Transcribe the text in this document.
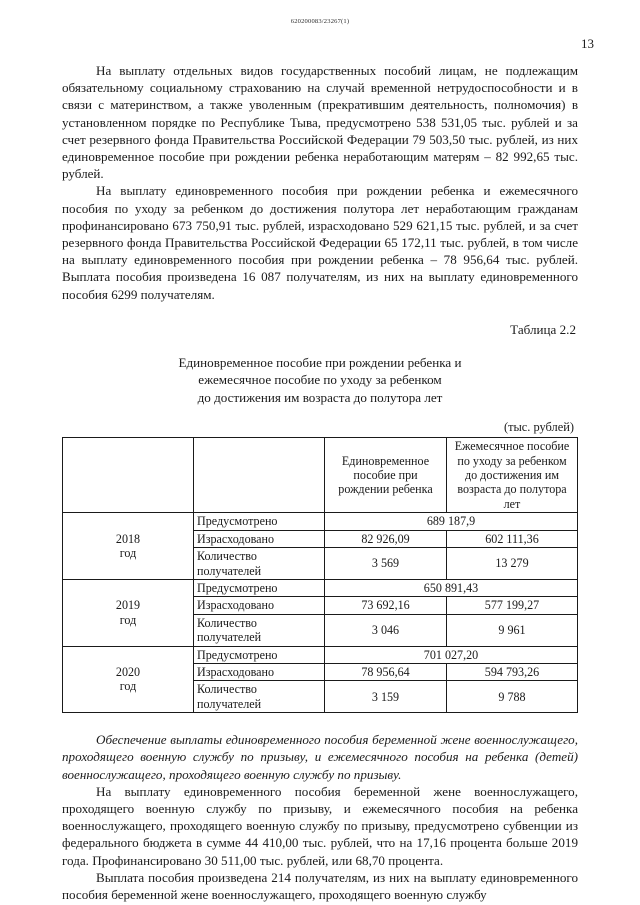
620200083/23267(1)
13

На выплату отдельных видов государственных пособий лицам, не подлежащим обязательному социальному страхованию на случай временной нетрудоспособности и в связи с материнством, а также уволенным (прекратившим деятельность, полномочия) в установленном порядке по Республике Тыва, предусмотрено 538 531,05 тыс. рублей и за счет резервного фонда Правительства Российской Федерации 79 503,50 тыс. рублей, из них единовременное пособие при рождении ребенка неработающим матерям – 82 992,65 тыс. рублей.

На выплату единовременного пособия при рождении ребенка и ежемесячного пособия по уходу за ребенком до достижения полутора лет неработающим гражданам профинансировано 673 750,91 тыс. рублей, израсходовано 529 621,15 тыс. рублей, и за счет резервного фонда Правительства Российской Федерации 65 172,11 тыс. рублей, в том числе на выплату единовременного пособия при рождении ребенка – 78 956,64 тыс. рублей. Выплата пособия произведена 16 087 получателям, из них на выплату единовременного пособия 6299 получателям.

Таблица 2.2
Единовременное пособие при рождении ребенка и
ежемесячное пособие по уходу за ребенком
до достижения им возраста до полутора лет
(тыс. рублей)
		Единовременное пособие при рождении ребенка	Ежемесячное пособие по уходу за ребенком до достижения им возраста до полутора лет

2018
год	Предусмотрено	689 187,9	
	Израсходовано	82 926,09	602 111,36
	Количество получателей	3 569	13 279

2019
год	Предусмотрено	650 891,43	
	Израсходовано	73 692,16	577 199,27
	Количество получателей	3 046	9 961

2020
год	Предусмотрено	701 027,20	
	Израсходовано	78 956,64	594 793,26
	Количество получателей	3 159	9 788

Обеспечение выплаты единовременного пособия беременной жене военнослужащего, проходящего военную службу по призыву, и ежемесячного пособия на ребенка (детей) военнослужащего, проходящего военную службу по призыву.

На выплату единовременного пособия беременной жене военнослужащего, проходящего военную службу по призыву, и ежемесячного пособия на ребенка военнослужащего, проходящего военную службу по призыву, предусмотрено субвенции из федерального бюджета в сумме 44 410,00 тыс. рублей, что на 17,16 процента больше 2019 года. Профинансировано 30 511,00 тыс. рублей, или 68,70 процента.

Выплата пособия произведена 214 получателям, из них на выплату единовременного пособия беременной жене военнослужащего, проходящего военную службу
